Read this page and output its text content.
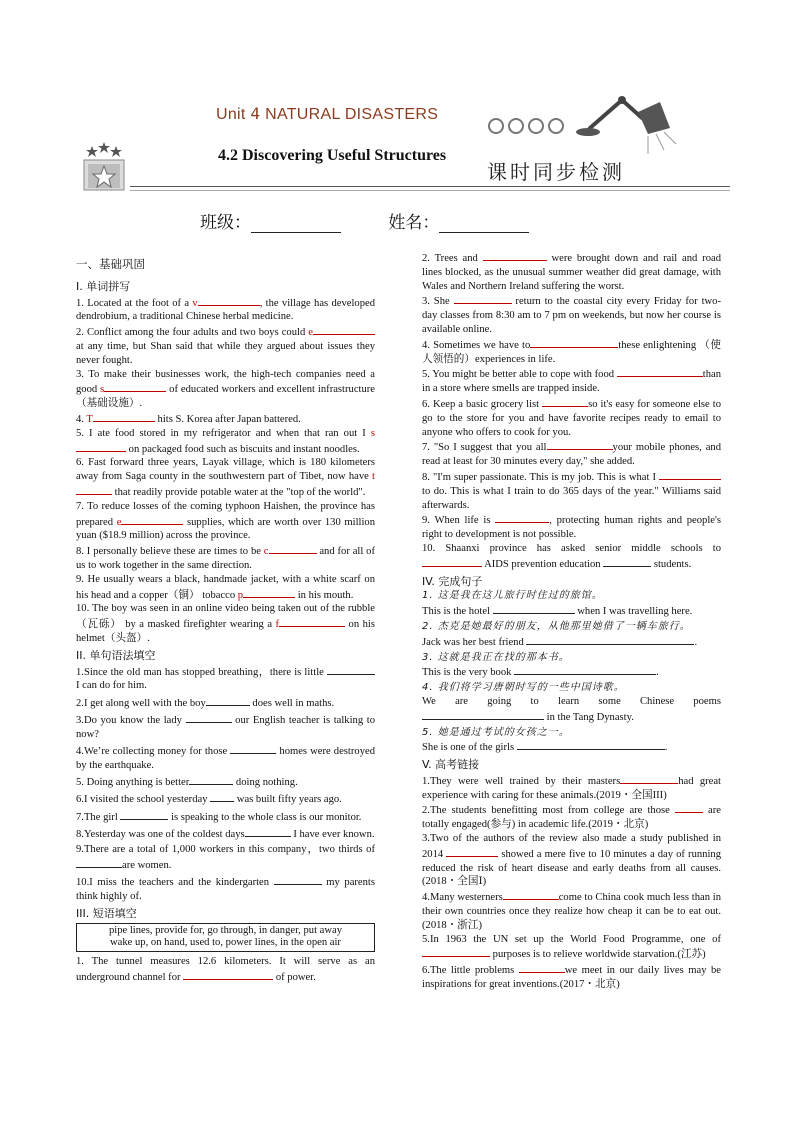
Unit 4 NATURAL DISASTERS
4.2 Discovering Useful Structures
课时同步检测
班级：	姓名：
一、基础巩固
I. 单词拼写

1. Located at the foot of a v	, the village has developed dendrobium, a traditional Chinese herbal medicine.

2. Conflict among the four adults and two boys could e at any time, but Shan said that while they argued about issues they never fought.

3. To make their businesses work, the high-tech companies need a good s	of educated workers and excellent infrastructure（基础设施）.

4. T	hits S. Korea after Japan battered.

5. I ate food stored in my refrigerator and when that ran out I s on packaged food such as biscuits and instant noodles.

6. Fast forward three years, Layak village, which is 180 kilometers away from Saga county in the southwestern part of Tibet, now have t that readily provide potable water at the "top of the world".

7. To reduce losses of the coming typhoon Haishen, the province has prepared e	supplies, which are worth over 130 million yuan ($18.9 million) across the province.

8. I personally believe these are times to be c	and for all of us to work together in the same direction.

9. He usually wears a black, handmade jacket, with a white scarf on his head and a copper（铜） tobacco p	in his mouth.

10. The boy was seen in an online video being taken out of the rubble（瓦砾） by a masked firefighter wearing a f	on his helmet（头盔）.

II. 单句语法填空

1.Since the old man has stopped breathing，there is little  I can do for him.

2.I get along well with the boy	does well in maths.

3.Do you know the lady	our English teacher is talking to now?

4.We’re collecting money for those	homes were destroyed by the earthquake.

5. Doing anything is better	doing nothing.

6.I visited the school yesterday  was built fifty years ago.

7.The girl	is speaking to the whole class is our monitor.

8.Yesterday was one of the coldest days	I have ever known.

9.There are a total of 1,000 workers in this company，two thirds of are women.

10.I miss the teachers and the kindergarten	my parents think highly of.

III. 短语填空
pipe lines, provide for, go through, in danger, put away
wake up, on hand, used to, power lines, in the open air

1. The tunnel measures 12.6 kilometers. It will serve as an underground channel for	of power.

2. Trees and	were brought down and rail and road lines blocked, as the unusual summer weather did great damage, with Wales and Northern Ireland suffering the worst.

3. She	return to the coastal city every Friday for two-day classes from 8:30 am to 7 pm on weekends, but now her course is available online.

4. Sometimes we have to	these enlightening （使人领悟的）experiences in life.

5. You might be better able to cope with food	than in a store where smells are trapped inside.

6. Keep a basic grocery list	so it's easy for someone else to go to the store for you and have favorite recipes ready to email to anyone who offers to cook for you.

7. "So I suggest that you all	your mobile phones, and read at least for 30 minutes every day," she added.

8. "I'm super passionate. This is my job. This is what I  to do. This is what I train to do 365 days of the year." Williams said afterwards.

9. When life is	, protecting human rights and people's right to development is not possible.

10. Shaanxi province has asked senior middle schools to  AIDS prevention education	students.

IV. 完成句子

1. 这是我在这儿旅行时住过的旅馆。

This is the hotel	when I was travelling here.

2. 杰克是她最好的朋友，从他那里她借了一辆车旅行。

Jack was her best friend	.

3. 这就是我正在找的那本书。

This is the very book	.

4. 我们将学习唐朝时写的一些中国诗歌。

We are going to learn some Chinese poems  in the Tang Dynasty.

5. 她是通过考试的女孩之一。

She is one of the girls	.

V. 高考链接

1.They were well trained by their masters	had great experience with caring for these animals.(2019・全国III)

2.The students benefitting most from college are those	are totally engaged(参与) in academic life.(2019・北京)

3.Two of the authors of the review also made a study published in 2014	showed a mere five to 10 minutes a day of running reduced the risk of heart disease and early deaths from all causes.(2018・全国Ⅰ)

4.Many westerners	come to China cook much less than in their own countries once they realize how cheap it can be to eat out.(2018・浙江)

5.In 1963 the UN set up the World Food Programme, one of  purposes is to relieve worldwide starvation.(江苏)

6.The little problems	we meet in our daily lives may be inspirations for great inventions.(2017・北京)
